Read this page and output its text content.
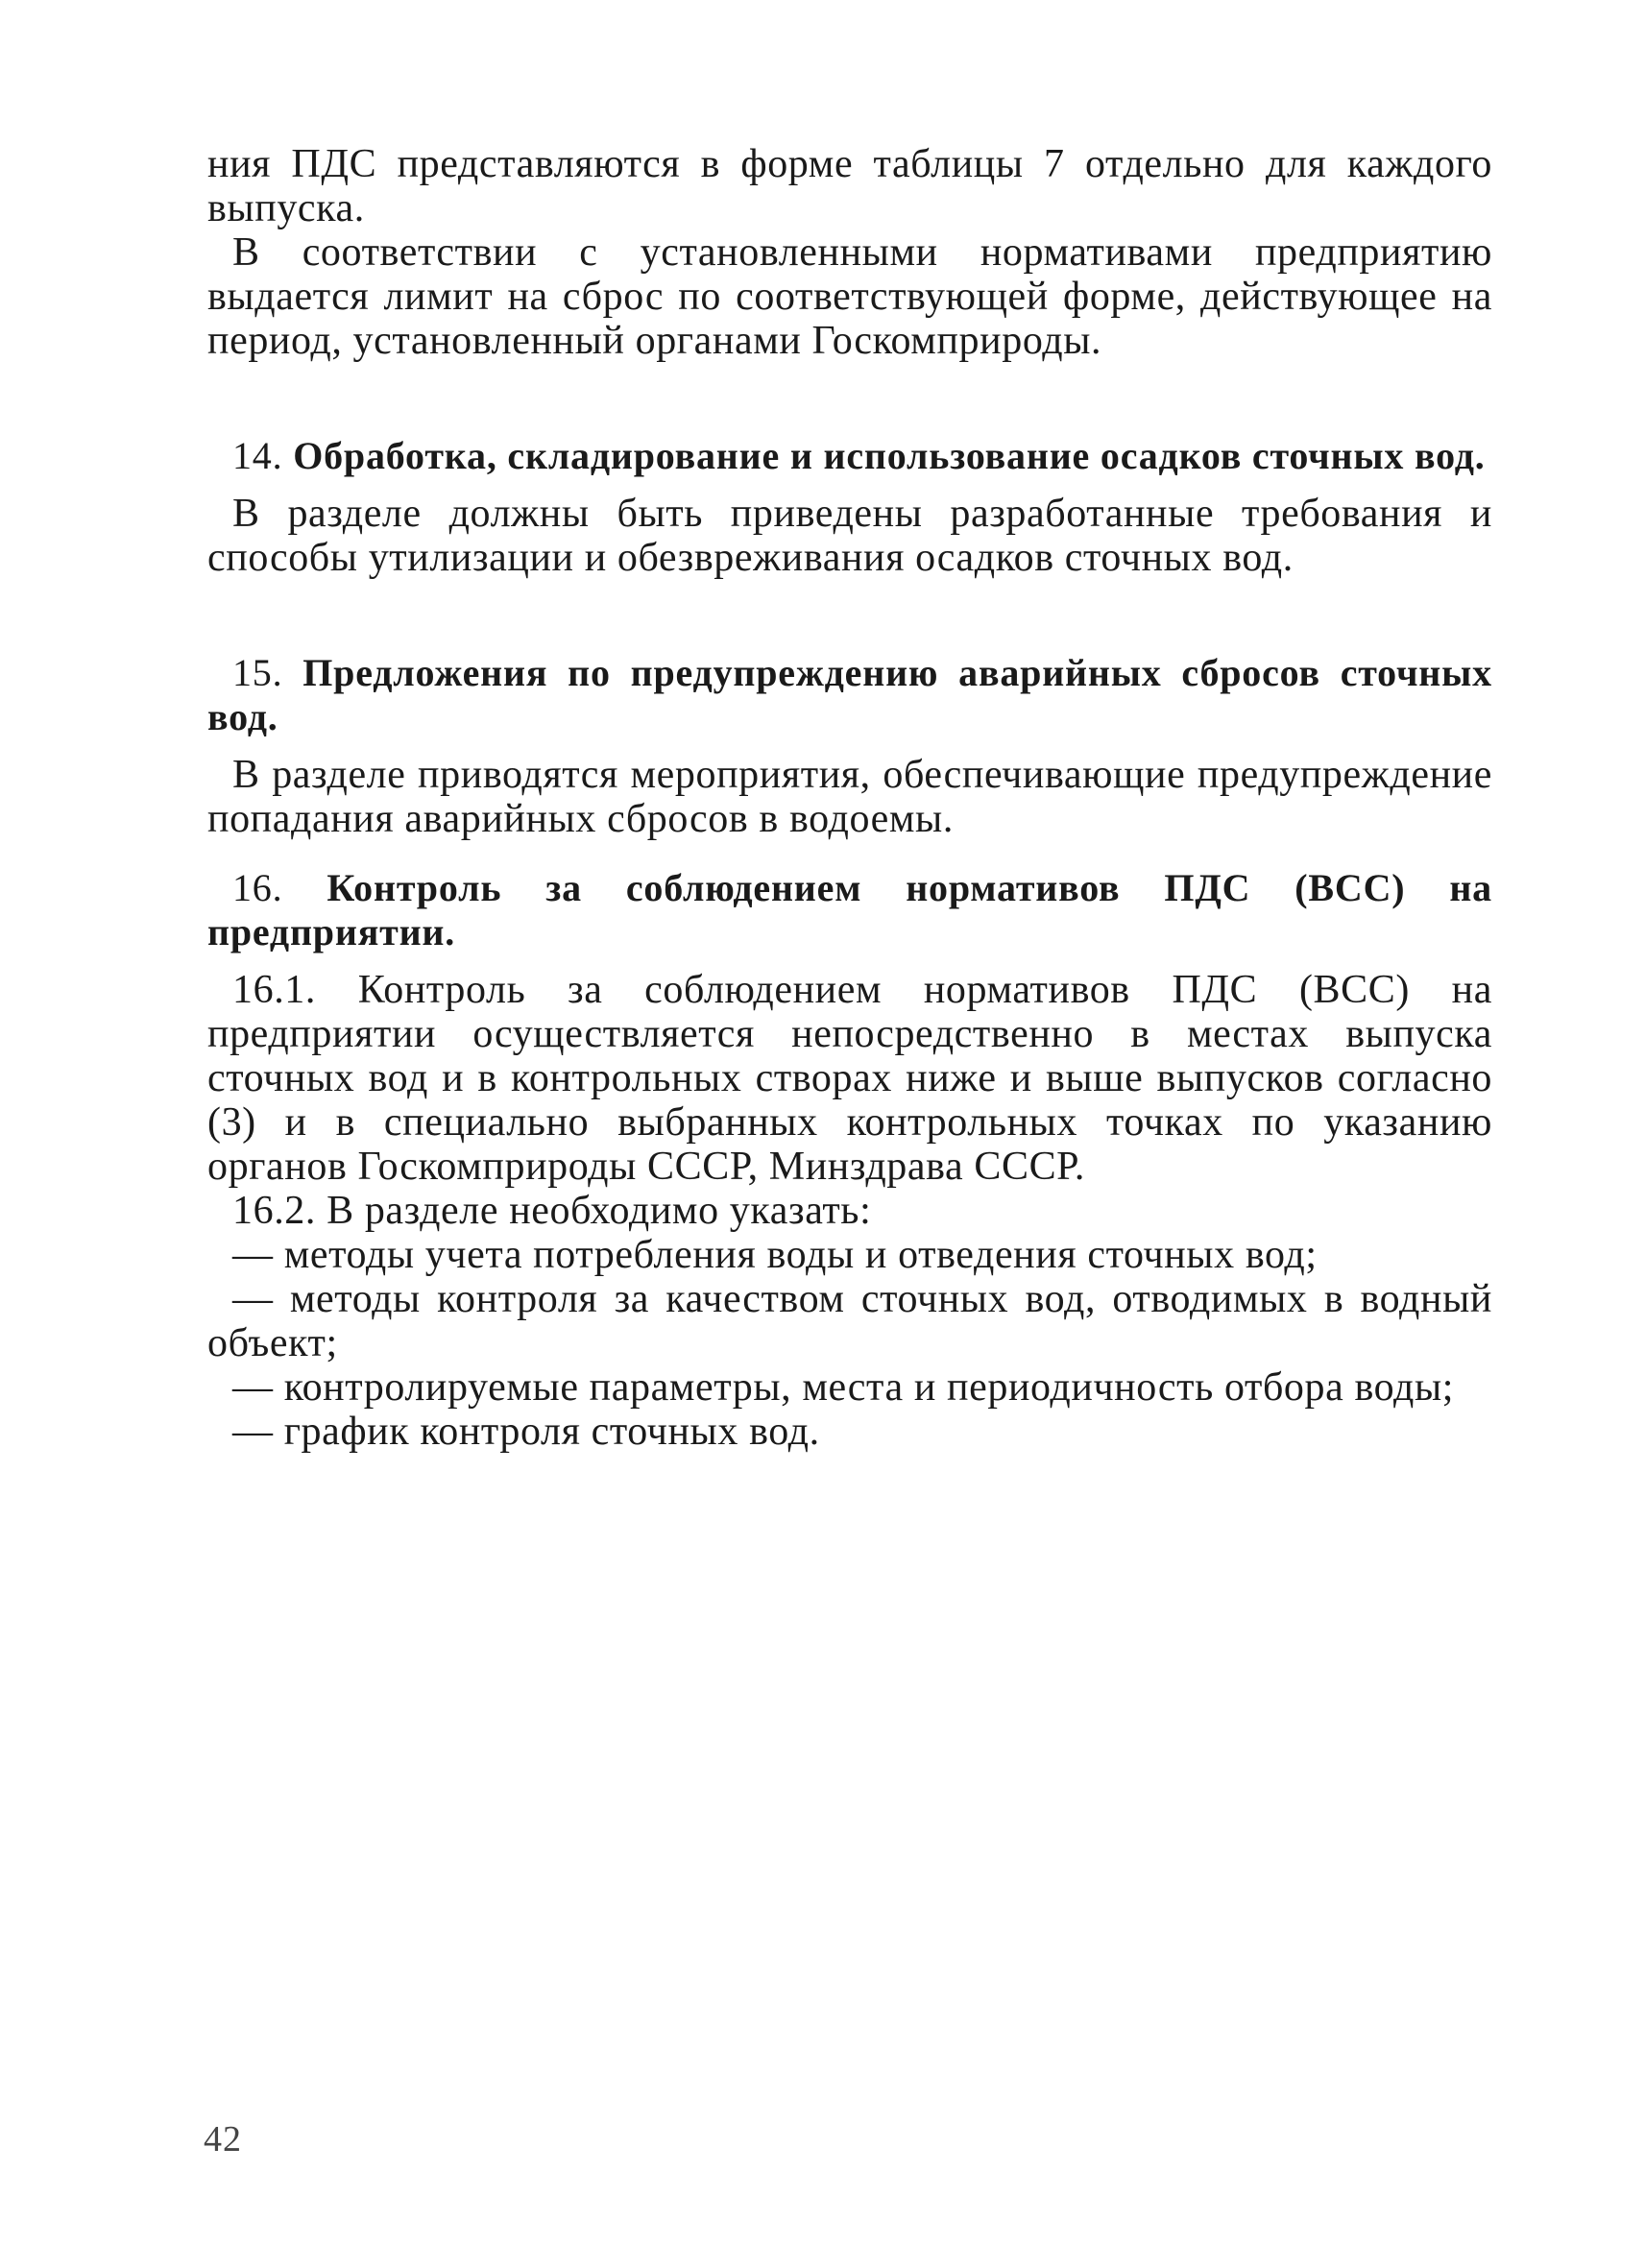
ния ПДС представляются в форме таблицы 7 отдельно для каждого выпуска.

В соответствии с установленными нормативами предприятию выдается лимит на сброс по соответствующей форме, действующее на период, установленный органами Госкомприроды.

14. Обработка, складирование и использование осадков сточных вод.

В разделе должны быть приведены разработанные требования и способы утилизации и обезвреживания осадков сточных вод.

15. Предложения по предупреждению аварийных сбросов сточных вод.

В разделе приводятся мероприятия, обеспечивающие предупреждение попадания аварийных сбросов в водоемы.

16. Контроль за соблюдением нормативов ПДС (ВСС) на предприятии.

16.1. Контроль за соблюдением нормативов ПДС (ВСС) на предприятии осуществляется непосредственно в местах выпуска сточных вод и в контрольных створах ниже и выше выпусков согласно (3) и в специально выбранных контрольных точках по указанию органов Госкомприроды СССР, Минздрава СССР.

16.2. В разделе необходимо указать:

— методы учета потребления воды и отведения сточных вод;

— методы контроля за качеством сточных вод, отводимых в водный объект;

— контролируемые параметры, места и периодичность отбора воды;

— график контроля сточных вод.

42
